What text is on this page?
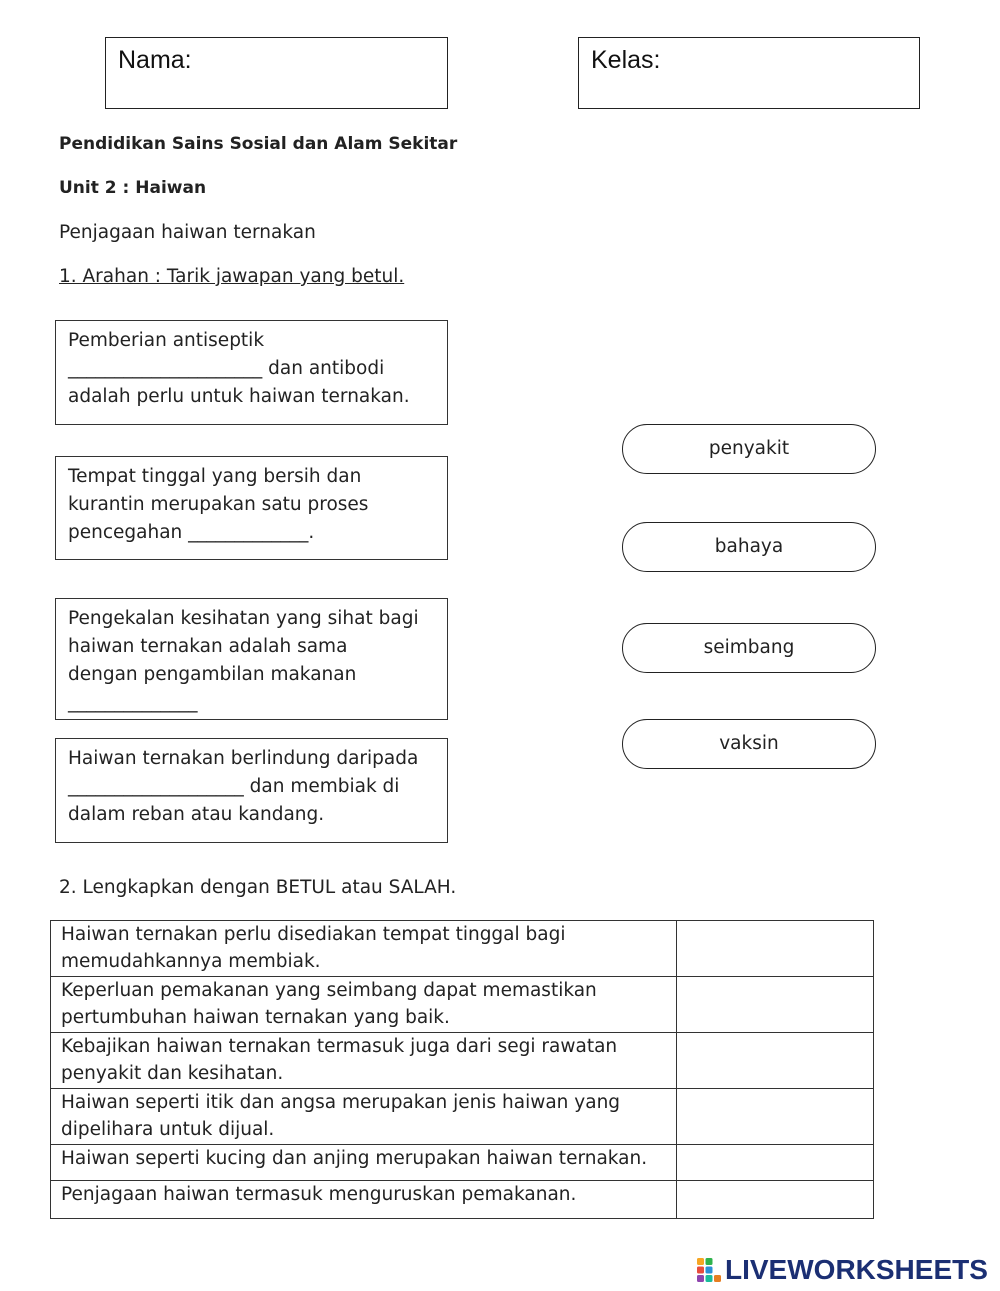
Nama:	Kelas:
Pendidikan Sains Sosial dan Alam Sekitar
Unit 2 : Haiwan
Penjagaan haiwan ternakan
1. Arahan : Tarik jawapan yang betul.
Pemberian antiseptik
_____________________ dan antibodi
adalah perlu untuk haiwan ternakan.
Tempat tinggal yang bersih dan
kurantin merupakan satu proses
pencegahan _____________.
Pengekalan kesihatan yang sihat bagi
haiwan ternakan adalah sama
dengan pengambilan makanan
______________
Haiwan ternakan berlindung daripada
___________________ dan membiak di
dalam reban atau kandang.
penyakit
bahaya
seimbang
vaksin
2. Lengkapkan dengan BETUL atau SALAH.
Haiwan ternakan perlu disediakan tempat tinggal bagi
memudahkannya membiak.	

Keperluan pemakanan yang seimbang dapat memastikan
pertumbuhan haiwan ternakan yang baik.	

Kebajikan haiwan ternakan termasuk juga dari segi rawatan
penyakit dan kesihatan.	

Haiwan seperti itik dan angsa merupakan jenis haiwan yang
dipelihara untuk dijual.	

Haiwan seperti kucing dan anjing merupakan haiwan ternakan.	

Penjagaan haiwan termasuk menguruskan pemakanan.	

LIVEWORKSHEETS
